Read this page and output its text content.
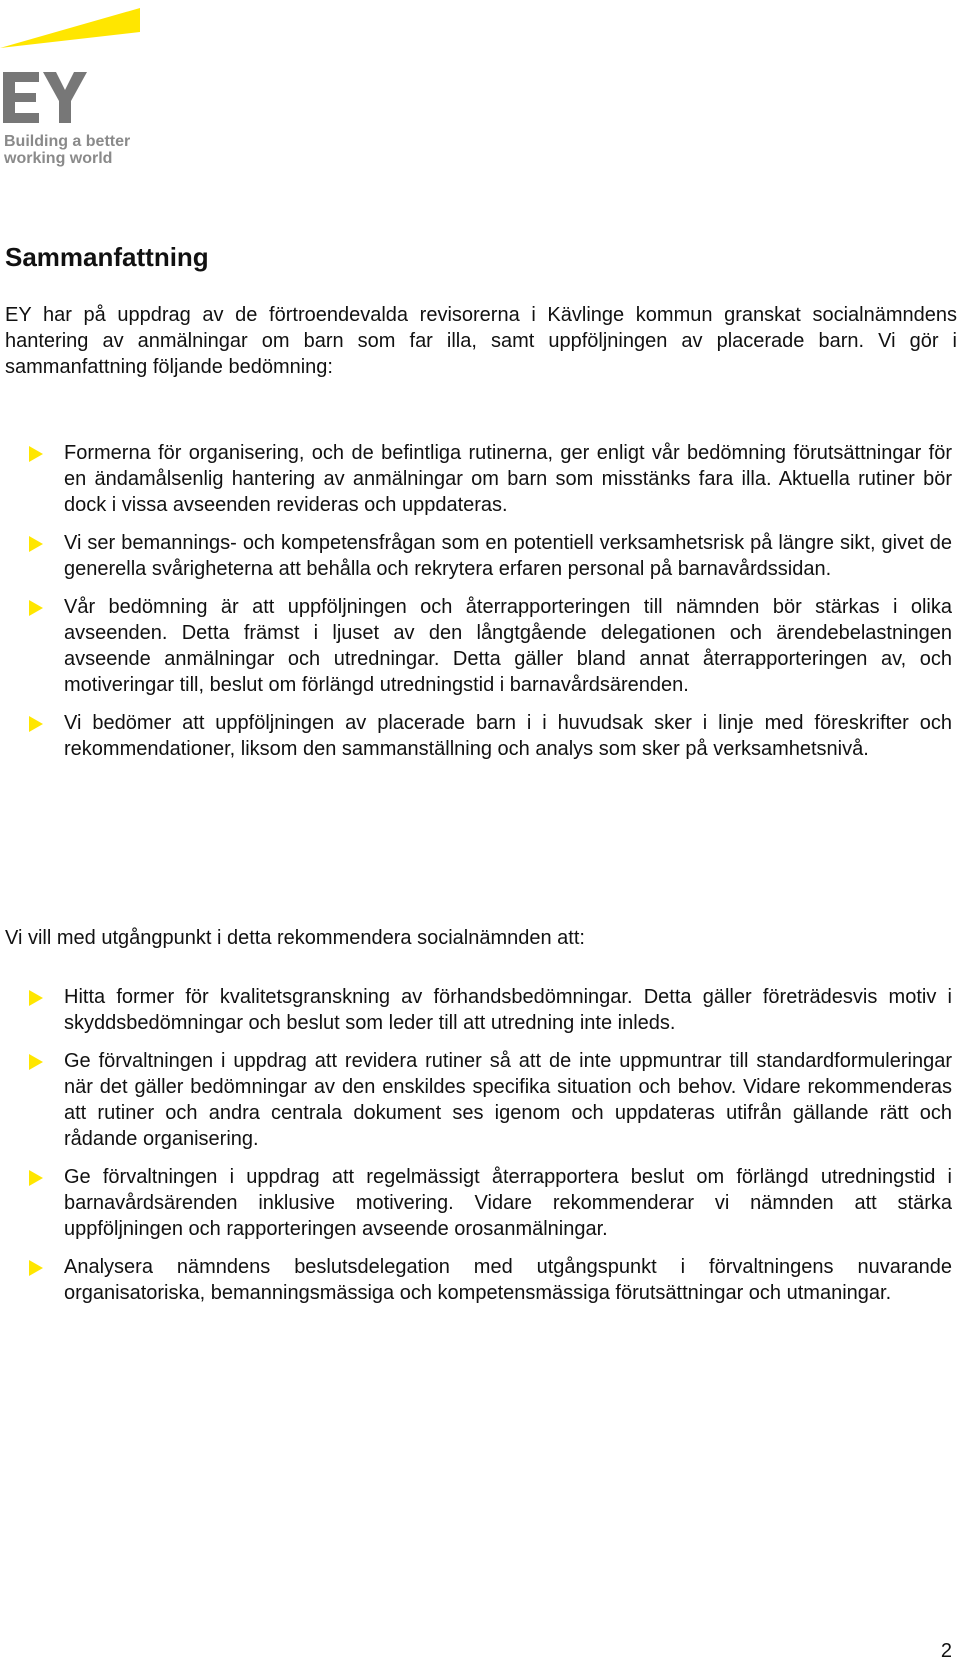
Building a better
working world
Sammanfattning

EY har på uppdrag av de förtroendevalda revisorerna i Kävlinge kommun granskat socialnämndens hantering av anmälningar om barn som far illa, samt uppföljningen av placerade barn. Vi gör i sammanfattning följande bedömning:

Formerna för organisering, och de befintliga rutinerna, ger enligt vår bedömning förutsättningar för en ändamålsenlig hantering av anmälningar om barn som misstänks fara illa. Aktuella rutiner bör dock i vissa avseenden revideras och uppdateras.
Vi ser bemannings- och kompetensfrågan som en potentiell verksamhetsrisk på längre sikt, givet de generella svårigheterna att behålla och rekrytera erfaren personal på barnavårdssidan.
Vår bedömning är att uppföljningen och återrapporteringen till nämnden bör stärkas i olika avseenden. Detta främst i ljuset av den långtgående delegationen och ärendebelastningen avseende anmälningar och utredningar. Detta gäller bland annat återrapporteringen av, och motiveringar till, beslut om förlängd utredningstid i barnavårdsärenden.
Vi bedömer att uppföljningen av placerade barn i i huvudsak sker i linje med föreskrifter och rekommendationer, liksom den sammanställning och analys som sker på verksamhetsnivå.

Vi vill med utgångpunkt i detta rekommendera socialnämnden att:

Hitta former för kvalitetsgranskning av förhandsbedömningar. Detta gäller företrädesvis motiv i skyddsbedömningar och beslut som leder till att utredning inte inleds.
Ge förvaltningen i uppdrag att revidera rutiner så att de inte uppmuntrar till standardformuleringar när det gäller bedömningar av den enskildes specifika situation och behov. Vidare rekommenderas att rutiner och andra centrala dokument ses igenom och uppdateras utifrån gällande rätt och rådande organisering.
Ge förvaltningen i uppdrag att regelmässigt återrapportera beslut om förlängd utredningstid i barnavårdsärenden inklusive motivering. Vidare rekommenderar vi nämnden att stärka uppföljningen och rapporteringen avseende orosanmälningar.
Analysera nämndens beslutsdelegation med utgångspunkt i förvaltningens nuvarande organisatoriska, bemanningsmässiga och kompetensmässiga förutsättningar och utmaningar.
2
